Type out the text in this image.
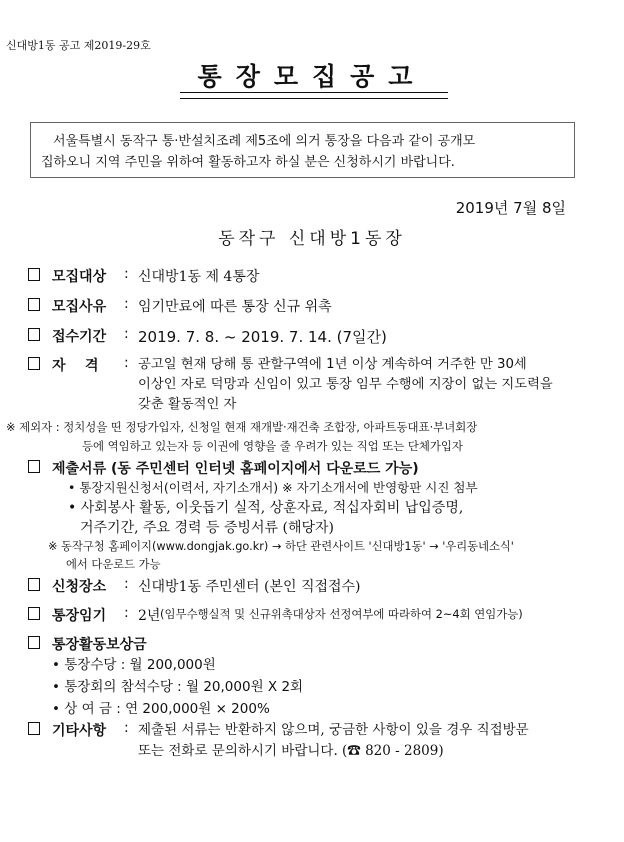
신대방1동 공고 제2019-29호
통장모집공고
서울특별시 동작구 통·반설치조례 제5조에 의거 통장을 다음과 같이 공개모
집하오니 지역 주민을 위하여 활동하고자 하실 분은 신청하시기 바랍니다.
2019년 7월 8일
동작구 신대방1동장
모집대상 : 신대방1동 제 4통장
모집사유 : 임기만료에 따른 통장 신규 위촉
접수기간 : 2019. 7. 8. ~ 2019. 7. 14. (7일간)
자    격 : 공고일 현재 당해 통 관할구역에 1년 이상 계속하여 거주한 만 30세
이상인 자로 덕망과 신임이 있고 통장 임무 수행에 지장이 없는 지도력을
갖춘 활동적인 자
※ 제외자 : 정치성을 띤 정당가입자, 신청일 현재 재개발·재건축 조합장, 아파트동대표·부녀회장
등에 역임하고 있는자 등 이권에 영향을 줄 우려가 있는 직업 또는 단체가입자
제출서류 (동 주민센터 인터넷 홈페이지에서 다운로드 가능)
• 통장지원신청서(이력서, 자기소개서) ※ 자기소개서에 반영항판 시진 첨부
• 사회봉사 활동, 이웃돕기 실적, 상훈자료, 적십자회비 납입증명,
거주기간, 주요 경력 등 증빙서류 (해당자)
※ 동작구청 홈페이지(www.dongjak.go.kr) → 하단 관련사이트 '신대방1동' → '우리동네소식'
에서 다운로드 가능
신청장소 : 신대방1동 주민센터 (본인 직접접수)
통장임기 : 2년 (임무수행실적 및 신규위촉대상자 선정여부에 따라하여 2~4회 연임가능)
통장활동보상금
• 통장수당 : 월 200,000원
• 통장회의 참석수당 : 월 20,000원 X 2회
• 상 여 금 : 연 200,000원 × 200%
기타사항 : 제출된 서류는 반환하지 않으며, 궁금한 사항이 있을 경우 직접방문
또는 전화로 문의하시기 바랍니다. (☎ 820 - 2809)
